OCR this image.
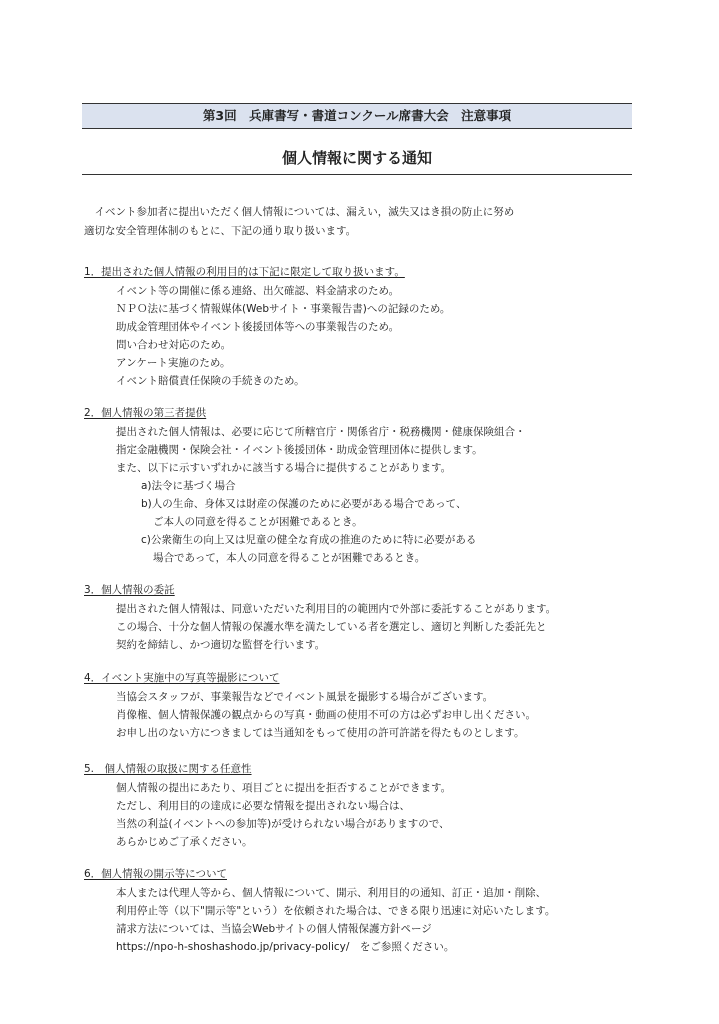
第3回　兵庫書写・書道コンクール席書大会　注意事項
個人情報に関する通知
　イベント参加者に提出いただく個人情報については、漏えい，滅失又はき損の防止に努め
適切な安全管理体制のもとに、下記の通り取り扱います。
1．提出された個人情報の利用目的は下記に限定して取り扱います。
イベント等の開催に係る連絡、出欠確認、料金請求のため。
ＮＰＯ法に基づく情報媒体(Webサイト・事業報告書)への記録のため。
助成金管理団体やイベント後援団体等への事業報告のため。
問い合わせ対応のため。
アンケート実施のため。
イベント賠償責任保険の手続きのため。
2．個人情報の第三者提供
提出された個人情報は、必要に応じて所轄官庁・関係省庁・税務機関・健康保険組合・
指定金融機関・保険会社・イベント後援団体・助成金管理団体に提供します。
また、以下に示すいずれかに該当する場合に提供することがあります。
a)法令に基づく場合
b)人の生命、身体又は財産の保護のために必要がある場合であって、
ご本人の同意を得ることが困難であるとき。
c)公衆衛生の向上又は児童の健全な育成の推進のために特に必要がある
場合であって，本人の同意を得ることが困難であるとき。
3．個人情報の委託
提出された個人情報は、同意いただいた利用目的の範囲内で外部に委託することがあります。
この場合、十分な個人情報の保護水準を満たしている者を選定し、適切と判断した委託先と
契約を締結し、かつ適切な監督を行います。
4．イベント実施中の写真等撮影について
当協会スタッフが、事業報告などでイベント風景を撮影する場合がございます。
肖像権、個人情報保護の観点からの写真・動画の使用不可の方は必ずお申し出ください。
お申し出のない方につきましては当通知をもって使用の許可許諾を得たものとします。
5.　個人情報の取扱に関する任意性
個人情報の提出にあたり、項目ごとに提出を拒否することができます。
ただし、利用目的の達成に必要な情報を提出されない場合は、
当然の利益(イベントへの参加等)が受けられない場合がありますので、
あらかじめご了承ください。
6．個人情報の開示等について
本人または代理人等から、個人情報について、開示、利用目的の通知、訂正・追加・削除、
利用停止等（以下"開示等"という）を依頼された場合は、できる限り迅速に対応いたします。
請求方法については、当協会Webサイトの個人情報保護方針ページ
https://npo-h-shoshashodo.jp/privacy-policy/　をご参照ください。
